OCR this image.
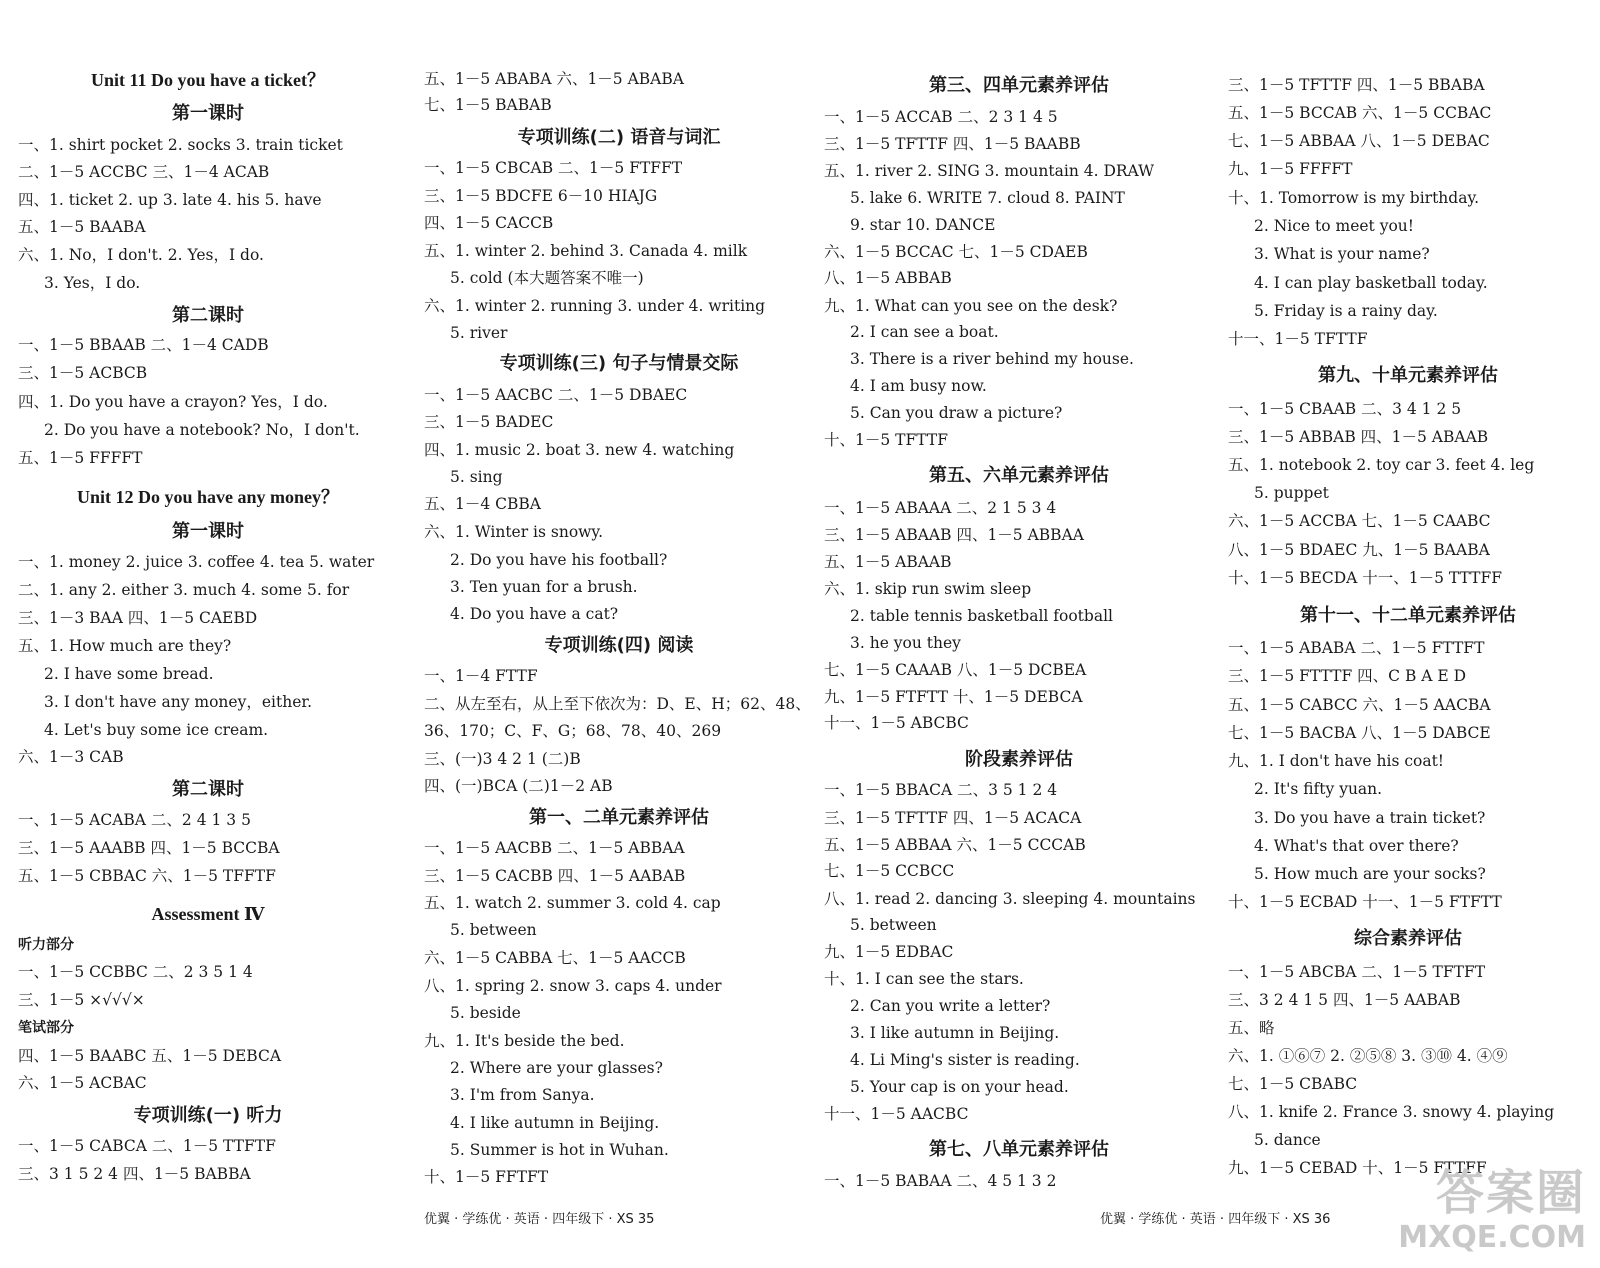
Unit 11 Do you have a ticket？
第一课时
一、1. shirt pocket 2. socks 3. train ticket
二、1－5 ACCBC 三、1－4 ACAB
四、1. ticket 2. up 3. late 4. his 5. have
五、1－5 BAABA
六、1. No，I don't. 2. Yes，I do.
3. Yes，I do.
第二课时
一、1－5 BBAAB 二、1－4 CADB
三、1－5 ACBCB
四、1. Do you have a crayon? Yes，I do.
2. Do you have a notebook? No，I don't.
五、1－5 FFFFT
Unit 12 Do you have any money？
第一课时
一、1. money 2. juice 3. coffee 4. tea 5. water
二、1. any 2. either 3. much 4. some 5. for
三、1－3 BAA 四、1－5 CAEBD
五、1. How much are they?
2. I have some bread.
3. I don't have any money，either.
4. Let's buy some ice cream.
六、1－3 CAB
第二课时
一、1－5 ACABA 二、2 4 1 3 5
三、1－5 AAABB 四、1－5 BCCBA
五、1－5 CBBAC 六、1－5 TFFTF
Assessment Ⅳ
听力部分
一、1－5 CCBBC 二、2 3 5 1 4
三、1－5 ×√√√×
笔试部分
四、1－5 BAABC 五、1－5 DEBCA
六、1－5 ACBAC
专项训练(一) 听力
一、1－5 CABCA 二、1－5 TTFTF
三、3 1 5 2 4 四、1－5 BABBA
五、1－5 ABABA 六、1－5 ABABA
七、1－5 BABAB
专项训练(二) 语音与词汇
一、1－5 CBCAB 二、1－5 FTFFT
三、1－5 BDCFE 6－10 HIAJG
四、1－5 CACCB
五、1. winter 2. behind 3. Canada 4. milk
5. cold (本大题答案不唯一)
六、1. winter 2. running 3. under 4. writing
5. river
专项训练(三) 句子与情景交际
一、1－5 AACBC 二、1－5 DBAEC
三、1－5 BADEC
四、1. music 2. boat 3. new 4. watching
5. sing
五、1－4 CBBA
六、1. Winter is snowy.
2. Do you have his football?
3. Ten yuan for a brush.
4. Do you have a cat?
专项训练(四) 阅读
一、1－4 FTTF
二、从左至右，从上至下依次为：D、E、H；62、48、
36、170；C、F、G；68、78、40、269
三、(一)3 4 2 1 (二)B
四、(一)BCA (二)1－2 AB
第一、二单元素养评估
一、1－5 AACBB 二、1－5 ABBAA
三、1－5 CACBB 四、1－5 AABAB
五、1. watch 2. summer 3. cold 4. cap
5. between
六、1－5 CABBA 七、1－5 AACCB
八、1. spring 2. snow 3. caps 4. under
5. beside
九、1. It's beside the bed.
2. Where are your glasses?
3. I'm from Sanya.
4. I like autumn in Beijing.
5. Summer is hot in Wuhan.
十、1－5 FFTFT
第三、四单元素养评估
一、1－5 ACCAB 二、2 3 1 4 5
三、1－5 TFTTF 四、1－5 BAABB
五、1. river 2. SING 3. mountain 4. DRAW
5. lake 6. WRITE 7. cloud 8. PAINT
9. star 10. DANCE
六、1－5 BCCAC 七、1－5 CDAEB
八、1－5 ABBAB
九、1. What can you see on the desk?
2. I can see a boat.
3. There is a river behind my house.
4. I am busy now.
5. Can you draw a picture?
十、1－5 TFTTF
第五、六单元素养评估
一、1－5 ABAAA 二、2 1 5 3 4
三、1－5 ABAAB 四、1－5 ABBAA
五、1－5 ABAAB
六、1. skip run swim sleep
2. table tennis basketball football
3. he you they
七、1－5 CAAAB 八、1－5 DCBEA
九、1－5 FTFTT 十、1－5 DEBCA
十一、1－5 ABCBC
阶段素养评估
一、1－5 BBACA 二、3 5 1 2 4
三、1－5 TFTTF 四、1－5 ACACA
五、1－5 ABBAA 六、1－5 CCCAB
七、1－5 CCBCC
八、1. read 2. dancing 3. sleeping 4. mountains
5. between
九、1－5 EDBAC
十、1. I can see the stars.
2. Can you write a letter?
3. I like autumn in Beijing.
4. Li Ming's sister is reading.
5. Your cap is on your head.
十一、1－5 AACBC
第七、八单元素养评估
一、1－5 BABAA 二、4 5 1 3 2
三、1－5 TFTTF 四、1－5 BBABA
五、1－5 BCCAB 六、1－5 CCBAC
七、1－5 ABBAA 八、1－5 DEBAC
九、1－5 FFFFT
十、1. Tomorrow is my birthday.
2. Nice to meet you!
3. What is your name?
4. I can play basketball today.
5. Friday is a rainy day.
十一、1－5 TFTTF
第九、十单元素养评估
一、1－5 CBAAB 二、3 4 1 2 5
三、1－5 ABBAB 四、1－5 ABAAB
五、1. notebook 2. toy car 3. feet 4. leg
5. puppet
六、1－5 ACCBA 七、1－5 CAABC
八、1－5 BDAEC 九、1－5 BAABA
十、1－5 BECDA 十一、1－5 TTTFF
第十一、十二单元素养评估
一、1－5 ABABA 二、1－5 FTTFT
三、1－5 FTTTF 四、C B A E D
五、1－5 CABCC 六、1－5 AACBA
七、1－5 BACBA 八、1－5 DABCE
九、1. I don't have his coat!
2. It's fifty yuan.
3. Do you have a train ticket?
4. What's that over there?
5. How much are your socks?
十、1－5 ECBAD 十一、1－5 FTFTT
综合素养评估
一、1－5 ABCBA 二、1－5 TFTFT
三、3 2 4 1 5 四、1－5 AABAB
五、略
六、1. ①⑥⑦ 2. ②⑤⑧ 3. ③⑩ 4. ④⑨
七、1－5 CBABC
八、1. knife 2. France 3. snowy 4. playing
5. dance
九、1－5 CEBAD 十、1－5 FTTFF
优翼 · 学练优 · 英语 · 四年级下 · XS 35	优翼 · 学练优 · 英语 · 四年级下 · XS 36 答案圈
MXQE.COM
